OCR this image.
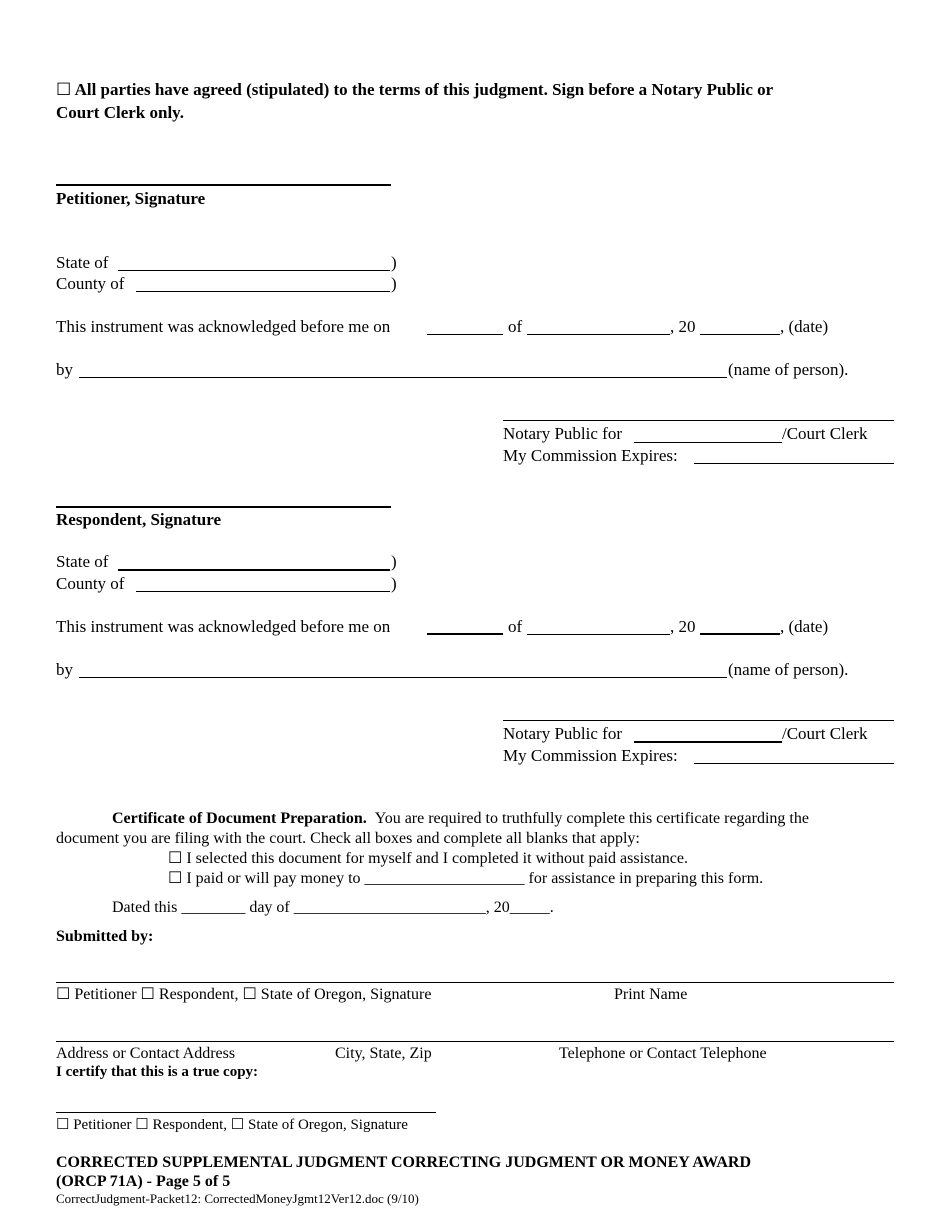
☐ All parties have agreed (stipulated) to the terms of this judgment. Sign before a Notary Public or
Court Clerk only.
Petitioner, Signature
State of	)
County of	)
This instrument was acknowledged before me on	of	, 20	, (date)
by	(name of person).
Notary Public for	/Court Clerk
My Commission Expires:
Respondent, Signature
State of	)
County of	)
This instrument was acknowledged before me on	of	, 20	, (date)
by	(name of person).
Notary Public for	/Court Clerk
My Commission Expires:
Certificate of Document Preparation. You are required to truthfully complete this certificate regarding the
document you are filing with the court. Check all boxes and complete all blanks that apply:
☐ I selected this document for myself and I completed it without paid assistance.
☐ I paid or will pay money to ____________________ for assistance in preparing this form.
Dated this ________ day of ________________________, 20_____.
Submitted by:
☐ Petitioner ☐ Respondent, ☐ State of Oregon, Signature	Print Name
Address or Contact Address	City, State, Zip	Telephone or Contact Telephone
I certify that this is a true copy:
☐ Petitioner ☐ Respondent, ☐ State of Oregon, Signature
CORRECTED SUPPLEMENTAL JUDGMENT CORRECTING JUDGMENT OR MONEY AWARD
(ORCP 71A) - Page 5 of 5
CorrectJudgment-Packet12: CorrectedMoneyJgmt12Ver12.doc (9/10)
